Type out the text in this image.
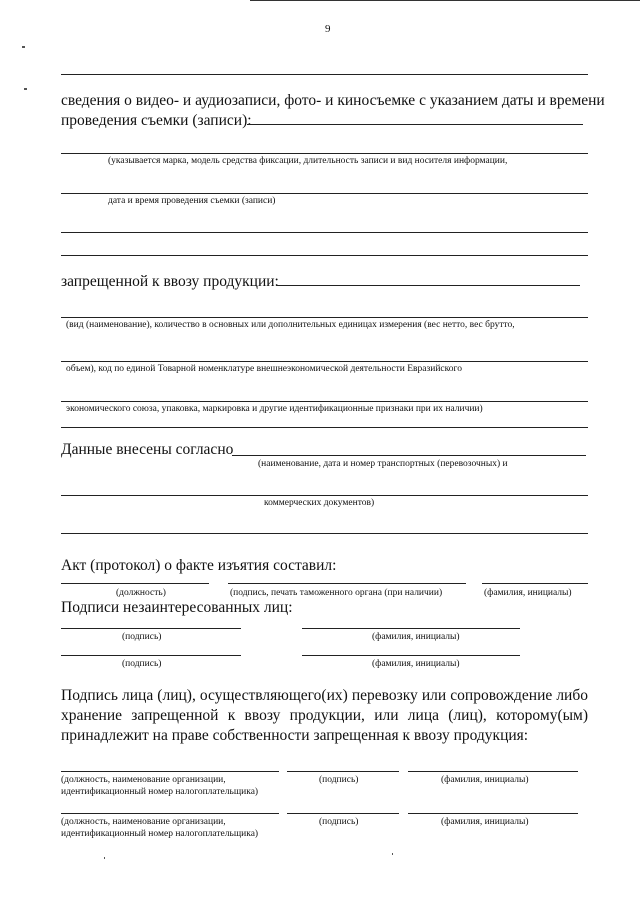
9
сведения о видео- и аудиозаписи, фото- и киносъемке с указанием даты и времени
проведения съемки (записи):
(указывается марка, модель средства фиксации, длительность записи и вид носителя информации,
дата и время проведения съемки (записи)
запрещенной к ввозу продукции:
(вид (наименование), количество в основных или дополнительных единицах измерения (вес нетто, вес брутто,
объем), код по единой Товарной номенклатуре внешнеэкономической деятельности Евразийского
экономического союза, упаковка, маркировка и другие идентификационные признаки при их наличии)
Данные внесены согласно
(наименование, дата и номер транспортных (перевозочных) и
коммерческих документов)
Акт (протокол) о факте изъятия составил:
(должность)	(подпись, печать таможенного органа (при наличии)	(фамилия, инициалы)
Подписи незаинтересованных лиц:
(подпись)	(фамилия, инициалы)
(подпись)	(фамилия, инициалы)
Подпись лица (лиц), осуществляющего(их) перевозку или сопровождение либо
хранение запрещенной к ввозу продукции, или лица (лиц), которому(ым)
принадлежит на праве собственности запрещенная к ввозу продукция:
(должность, наименование организации,
идентификационный номер налогоплательщика)
(подпись)	(фамилия, инициалы)
(должность, наименование организации,
идентификационный номер налогоплательщика)
(подпись)	(фамилия, инициалы)
